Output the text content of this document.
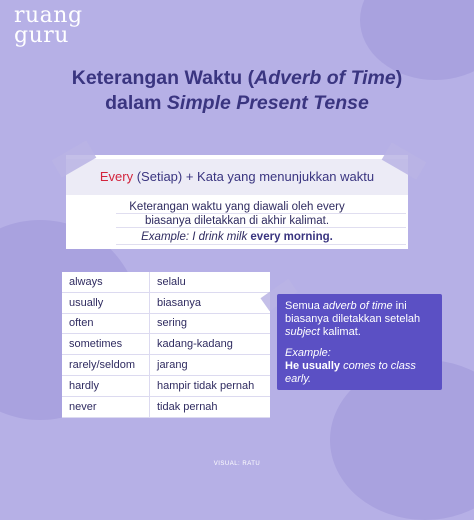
ruang
guru
Keterangan Waktu (Adverb of Time)
dalam Simple Present Tense
Every (Setiap) + Kata yang menunjukkan waktu
Keterangan waktu yang diawali oleh every
biasanya diletakkan di akhir kalimat.
Example: I drink milk every morning.
always	selalu
usually	biasanya
often	sering
sometimes	kadang-kadang
rarely/seldom	jarang
hardly	hampir tidak pernah
never	tidak pernah

Semua adverb of time ini biasanya diletakkan setelah subject kalimat.

Example:
He usually comes to class early.

VISUAL: RATU
